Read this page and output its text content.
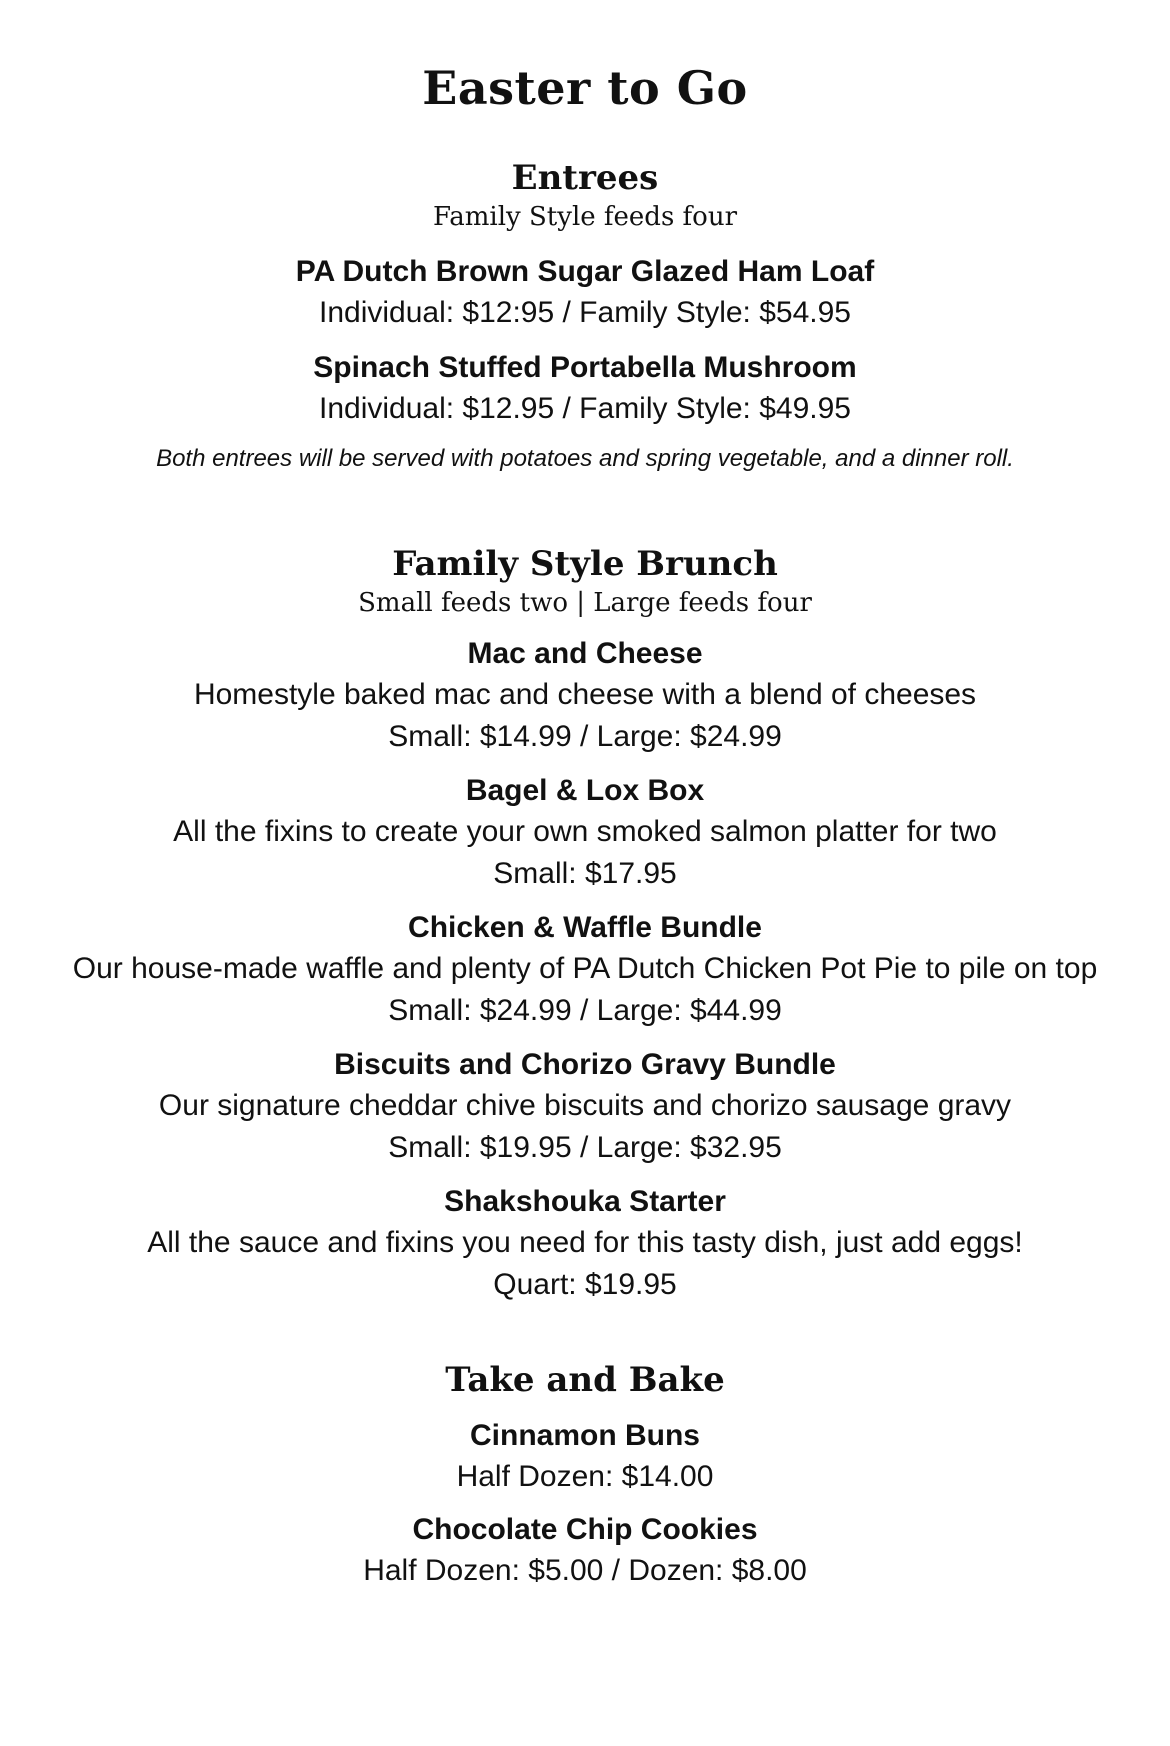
Easter to Go
Entrees

Family Style feeds four

PA Dutch Brown Sugar Glazed Ham Loaf

Individual: $12:95 / Family Style: $54.95

Spinach Stuffed Portabella Mushroom

Individual: $12.95 / Family Style: $49.95

Both entrees will be served with potatoes and spring vegetable, and a dinner roll.

Family Style Brunch

Small feeds two | Large feeds four

Mac and Cheese

Homestyle baked mac and cheese with a blend of cheeses

Small: $14.99 / Large: $24.99

Bagel & Lox Box

All the fixins to create your own smoked salmon platter for two

Small: $17.95

Chicken & Waffle Bundle

Our house-made waffle and plenty of PA Dutch Chicken Pot Pie to pile on top

Small: $24.99 / Large: $44.99

Biscuits and Chorizo Gravy Bundle

Our signature cheddar chive biscuits and chorizo sausage gravy

Small: $19.95 / Large: $32.95

Shakshouka Starter

All the sauce and fixins you need for this tasty dish, just add eggs!

Quart: $19.95

Take and Bake

Cinnamon Buns

Half Dozen: $14.00

Chocolate Chip Cookies

Half Dozen: $5.00 / Dozen: $8.00
